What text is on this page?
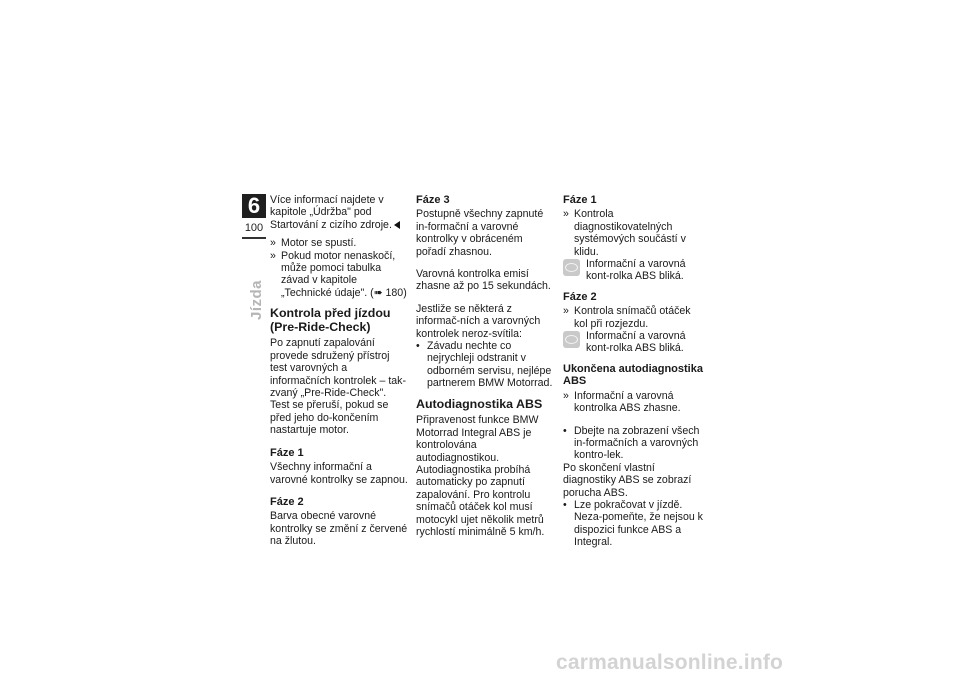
6
100
Jízda

Více informací najdete v kapitole „Údržba" pod Startování z cizího zdroje.

» Motor se spustí.
» Pokud motor nenaskočí, může pomoci tabulka závad v kapitole „Technické údaje". (➠ 180)
Kontrola před jízdou (Pre-Ride-Check)

Po zapnutí zapalování provede sdružený přístroj test varovných a informačních kontrolek – tak-zvaný „Pre-Ride-Check". Test se přeruší, pokud se před jeho do-končením nastartuje motor.

Fáze 1

Všechny informační a varovné kontrolky se zapnou.

Fáze 2

Barva obecné varovné kontrolky se změní z červené na žlutou.

Fáze 3

Postupně všechny zapnuté in-formační a varovné kontrolky v obráceném pořadí zhasnou.

Varovná kontrolka emisí zhasne až po 15 sekundách.

Jestliže se některá z informač-ních a varovných kontrolek neroz-svítila:

• Závadu nechte co nejrychleji odstranit v odborném servisu, nejlépe partnerem BMW Motorrad.
Autodiagnostika ABS

Připravenost funkce BMW Motorrad Integral ABS je kontrolována autodiagnostikou. Autodiagnostika probíhá automaticky po zapnutí zapalování. Pro kontrolu snímačů otáček kol musí motocykl ujet několik metrů rychlostí minimálně 5 km/h.

Fáze 1
» Kontrola diagnostikovatelných systémových součástí v klidu.
Informační a varovná kont-rolka ABS bliká.
Fáze 2
» Kontrola snímačů otáček kol při rozjezdu.
Informační a varovná kont-rolka ABS bliká.
Ukončena autodiagnostika ABS
» Informační a varovná kontrolka ABS zhasne.
• Dbejte na zobrazení všech in-formačních a varovných kontro-lek.

Po skončení vlastní diagnostiky ABS se zobrazí porucha ABS.

• Lze pokračovat v jízdě. Neza-pomeňte, že nejsou k dispozici funkce ABS a Integral.
carmanualsonline.info
